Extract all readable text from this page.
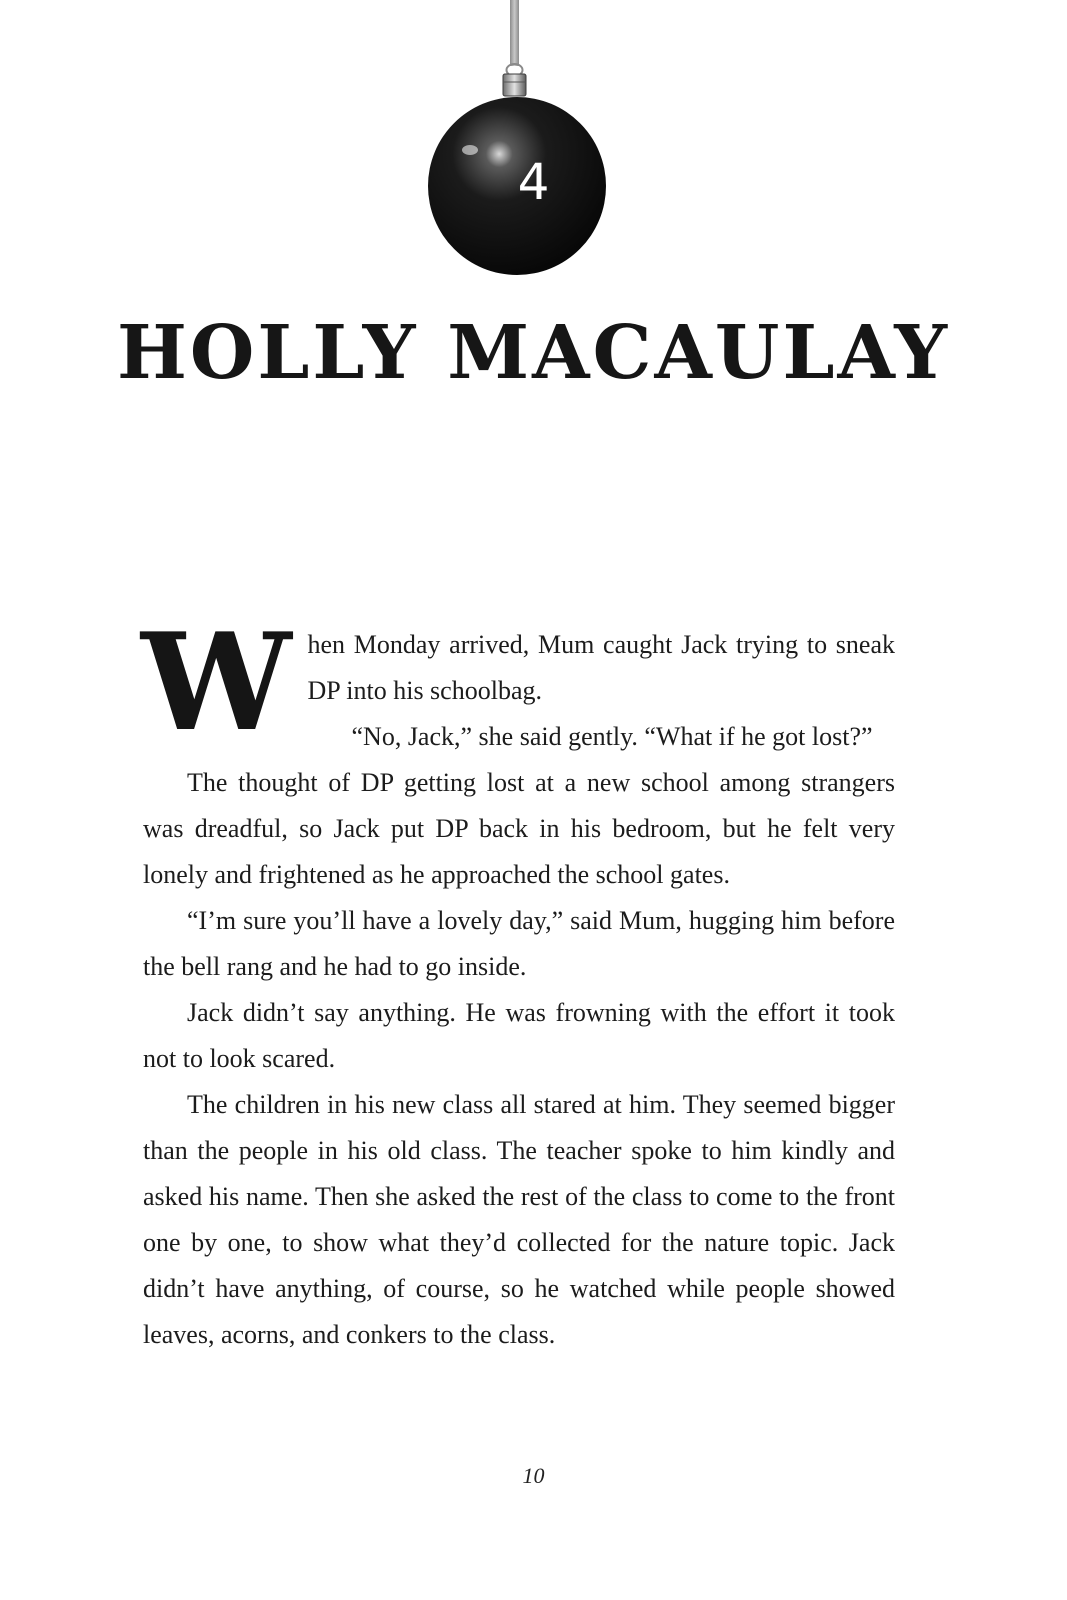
4
HOLLY MACAULAY

When Monday arrived, Mum caught Jack trying to sneak DP into his schoolbag.
“No, Jack,” she said gently. “What if he got lost?”

The thought of DP getting lost at a new school among strangers was dreadful, so Jack put DP back in his bedroom, but he felt very lonely and frightened as he approached the school gates.

“I’m sure you’ll have a lovely day,” said Mum, hugging him before the bell rang and he had to go inside.

Jack didn’t say anything. He was frowning with the effort it took not to look scared.

The children in his new class all stared at him. They seemed bigger than the people in his old class. The teacher spoke to him kindly and asked his name. Then she asked the rest of the class to come to the front one by one, to show what they’d collected for the nature topic. Jack didn’t have anything, of course, so he watched while people showed leaves, acorns, and conkers to the class.

10
